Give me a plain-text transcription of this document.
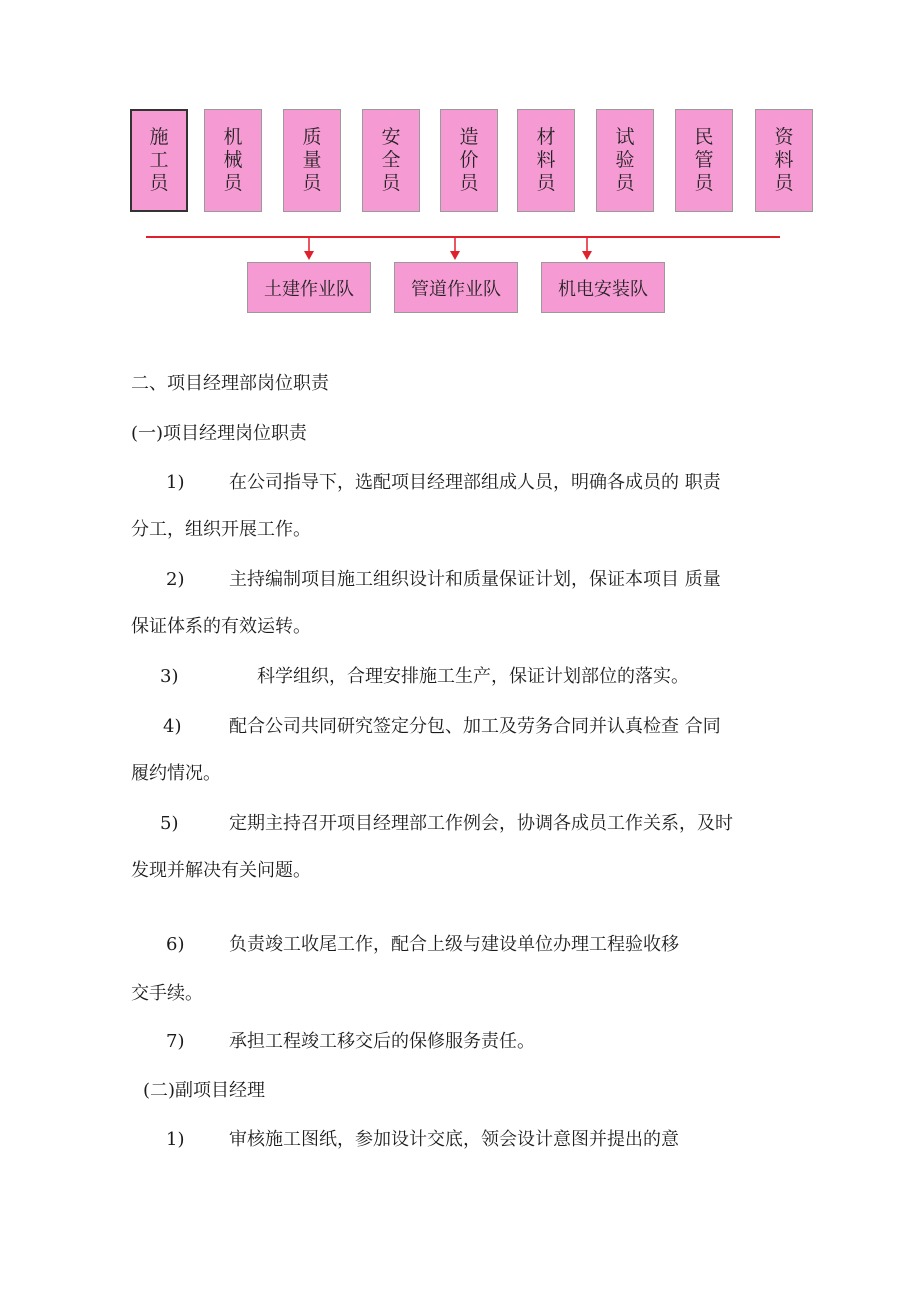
施工员
机械员
质量员
安全员
造价员
材料员
试验员
民管员
资料员
土建作业队	管道作业队	机电安装队
二、项目经理部岗位职责
(一)项目经理岗位职责
1) 在公司指导下，选配项目经理部组成人员，明确各成员的 职责
分工，组织开展工作。
2) 主持编制项目施工组织设计和质量保证计划，保证本项目 质量
保证体系的有效运转。
3)	科学组织，合理安排施工生产，保证计划部位的落实。
4)	配合公司共同研究签定分包、加工及劳务合同并认真检查 合同
履约情况。
5)	定期主持召开项目经理部工作例会，协调各成员工作关系，及时
发现并解决有关问题。
6) 负责竣工收尾工作，配合上级与建设单位办理工程验收移
交手续。
7) 承担工程竣工移交后的保修服务责任。
(二)副项目经理
1) 审核施工图纸，参加设计交底，领会设计意图并提出的意
